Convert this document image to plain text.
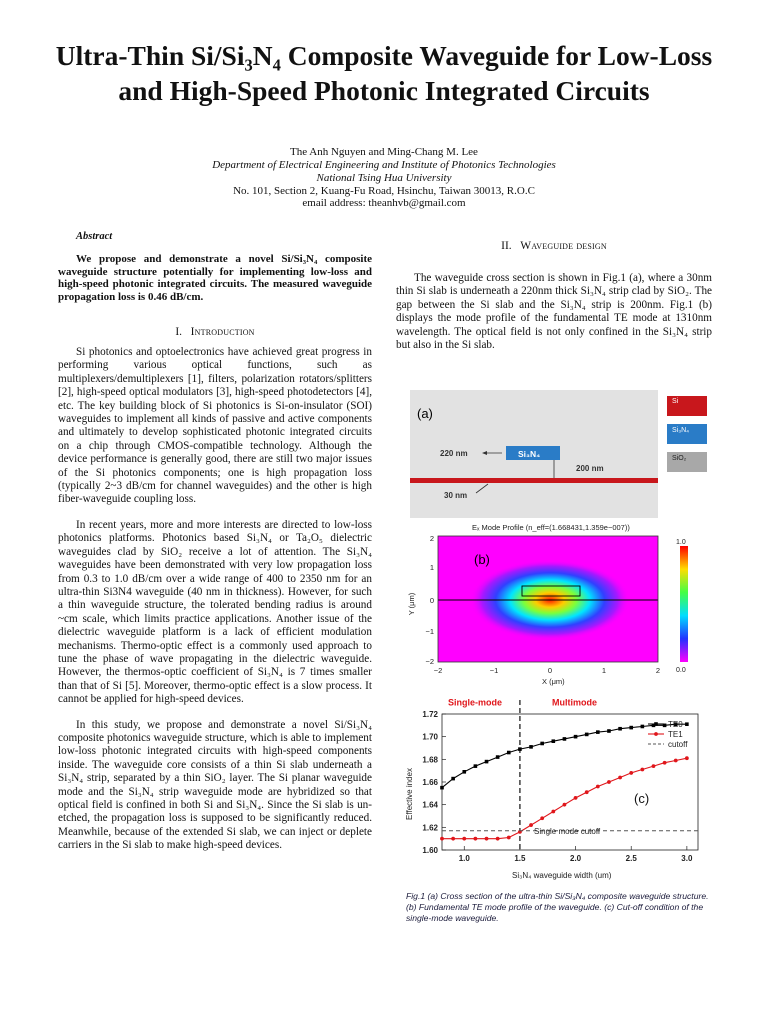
Ultra-Thin Si/Si₃N₄ Composite Waveguide for Low-Loss and High-Speed Photonic Integrated Circuits
The Anh Nguyen and Ming-Chang M. Lee
Department of Electrical Engineering and Institute of Photonics Technologies
National Tsing Hua University
No. 101, Section 2, Kuang-Fu Road, Hsinchu, Taiwan 30013, R.O.C
email address: theanhvb@gmail.com
Abstract
We propose and demonstrate a novel Si/Si₃N₄ composite waveguide structure potentially for implementing low-loss and high-speed photonic integrated circuits. The measured waveguide propagation loss is 0.46 dB/cm.
I. Introduction

Si photonics and optoelectronics have achieved great progress in performing various optical functions, such as multiplexers/demultiplexers [1], filters, polarization rotators/splitters [2], high-speed optical modulators [3], high-speed photodetectors [4], etc. The key building block of Si photonics is Si-on-insulator (SOI) waveguides to implement all kinds of passive and active components and ultimately to develop sophisticated photonic integrated circuits on a chip through CMOS-compatible technology. Although the device performance is generally good, there are still two major issues of the Si photonics components; one is high propagation loss (typically 2~3 dB/cm for channel waveguides) and the other is high fiber-waveguide coupling loss.

In recent years, more and more interests are directed to low-loss photonics platforms. Photonics based Si₃N₄ or Ta₂O₅ dielectric waveguides clad by SiO₂ receive a lot of attention. The Si₃N₄ waveguides have been demonstrated with very low propagation loss from 0.3 to 1.0 dB/cm over a wide range of 400 to 2350 nm for an ultra-thin Si3N4 waveguide (40 nm in thickness). However, for such a thin waveguide structure, the tolerated bending radius is around ~cm scale, which limits practice applications. Another issue of the dielectric waveguide platform is a lack of efficient modulation mechanisms. Thermo-optic effect is a commonly used approach to tune the phase of wave propagating in the dielectric waveguide. However, the thermos-optic coefficient of Si₃N₄ is 7 times smaller than that of Si [5]. Moreover, thermo-optic effect is a slow process. It cannot be applied for high-speed devices.

In this study, we propose and demonstrate a novel Si/Si₃N₄ composite photonics waveguide structure, which is able to implement low-loss photonic integrated circuits with high-speed components inside. The waveguide core consists of a thin Si slab underneath a Si₃N₄ strip, separated by a thin SiO₂ layer. The Si planar waveguide mode and the Si₃N₄ strip waveguide mode are hybridized so that optical field is confined in both Si and Si₃N₄. Since the Si slab is un-etched, the propagation loss is supposed to be significantly reduced. Meanwhile, because of the extended Si slab, we can inject or deplete carriers in the Si slab to make high-speed devices.

II. Waveguide design

The waveguide cross section is shown in Fig.1 (a), where a 30nm thin Si slab is underneath a 220nm thick Si₃N₄ strip clad by SiO₂. The gap between the Si slab and the Si₃N₄ strip is 200nm. Fig.1 (b) displays the mode profile of the fundamental TE mode at 1310nm wavelength. The optical field is not only confined in the Si₃N₄ strip but also in the Si slab.

Si₃N₄
(a)
220 nm
200 nm
30 nm
Si
Si₃N₄
SiO₂
Eₓ Mode Profile (n_eff=(1.668431,1.359e−007))
(b)
2
1
0
−1
−2
−2	−1	0	1	2
X (μm)
Y (μm)
1.0
0.0
Single-mode	Multimode
1.60
1.62
1.64
1.66
1.68
1.70
1.72
1.0	1.5	2.0	2.5	3.0
Si₃N₄ waveguide width (um)
Effective index
Single mode cutoff
(c)
TE0
TE1
cutoff
Fig.1 (a) Cross section of the ultra-thin Si/Si₃N₄ composite waveguide structure. (b) Fundamental TE mode profile of the waveguide. (c) Cut-off condition of the single-mode waveguide.
